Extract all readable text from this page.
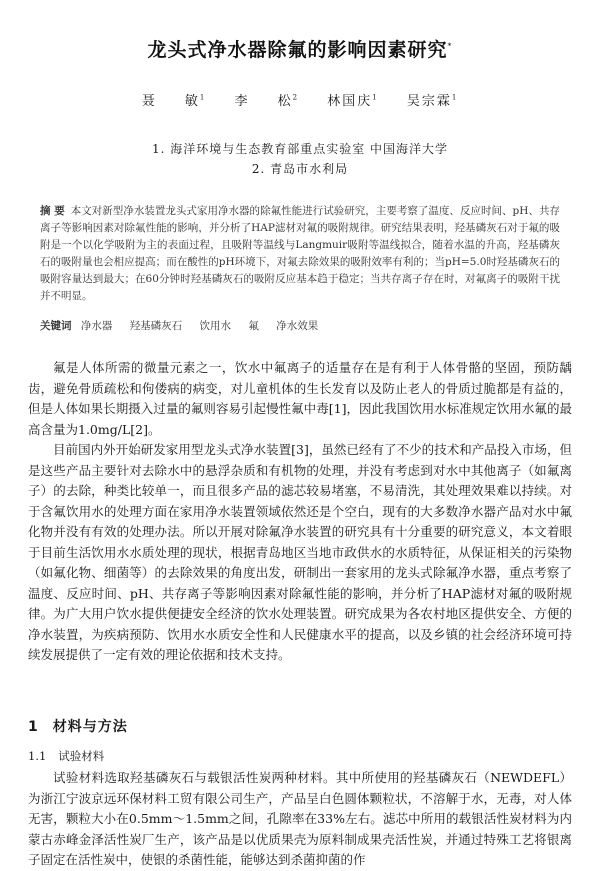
龙头式净水器除氟的影响因素研究*
聂 敏$^1$ 李 松$^2$ 林国庆$^1$ 吴宗霖$^1$
1. 海洋环境与生态教育部重点实验室 中国海洋大学
2. 青岛市水利局
摘 要 本文对新型净水装置龙头式家用净水器的除氟性能进行试验研究，主要考察了温度、反应时间、pH、共存离子等影响因素对除氟性能的影响，并分析了HAP滤材对氟的吸附规律。研究结果表明，羟基磷灰石对于氟的吸附是一个以化学吸附为主的表面过程，且吸附等温线与Langmuir吸附等温线拟合，随着水温的升高，羟基磷灰石的吸附量也会相应提高；而在酸性的pH环境下，对氟去除效果的吸附效率有利的；当pH=5.0时羟基磷灰石的吸附容量达到最大；在60分钟时羟基磷灰石的吸附反应基本趋于稳定；当共存离子存在时，对氟离子的吸附干扰并不明显。
关键词 净水器 羟基磷灰石 饮用水 氟 净水效果
氟是人体所需的微量元素之一，饮水中氟离子的适量存在是有利于人体骨骼的坚固，预防龋齿，避免骨质疏松和佝偻病的病变，对儿童机体的生长发育以及防止老人的骨质过脆都是有益的，但是人体如果长期摄入过量的氟则容易引起慢性氟中毒[1]，因此我国饮用水标准规定饮用水氟的最高含量为1.0mg/L[2]。
目前国内外开始研发家用型龙头式净水装置[3]，虽然已经有了不少的技术和产品投入市场，但是这些产品主要针对去除水中的悬浮杂质和有机物的处理，并没有考虑到对水中其他离子（如氟离子）的去除，种类比较单一，而且很多产品的滤芯较易堵塞，不易清洗，其处理效果难以持续。对于含氟饮用水的处理方面在家用净水装置领域依然还是个空白，现有的大多数净水器产品对水中氟化物并没有有效的处理办法。所以开展对除氟净水装置的研究具有十分重要的研究意义，本文着眼于目前生活饮用水水质处理的现状，根据青岛地区当地市政供水的水质特征，从保证相关的污染物（如氟化物、细菌等）的去除效果的角度出发，研制出一套家用的龙头式除氟净水器，重点考察了温度、反应时间、pH、共存离子等影响因素对除氟性能的影响，并分析了HAP滤材对氟的吸附规律。为广大用户饮水提供便捷安全经济的饮水处理装置。研究成果为各农村地区提供安全、方便的净水装置，为疾病预防、饮用水水质安全性和人民健康水平的提高，以及乡镇的社会经济环境可持续发展提供了一定有效的理论依据和技术支持。
1 材料与方法
1.1 试验材料
试验材料选取羟基磷灰石与载银活性炭两种材料。其中所使用的羟基磷灰石（NEWDEFL）为浙江宁波京远环保材料工贸有限公司生产，产品呈白色圆体颗粒状，不溶解于水，无毒，对人体无害，颗粒大小在0.5mm～1.5mm之间，孔隙率在33%左右。滤芯中所用的载银活性炭材料为内蒙古赤峰金泽活性炭厂生产，该产品是以优质果壳为原料制成果壳活性炭，并通过特殊工艺将银离子固定在活性炭中，使银的杀菌性能，能够达到杀菌抑菌的作
